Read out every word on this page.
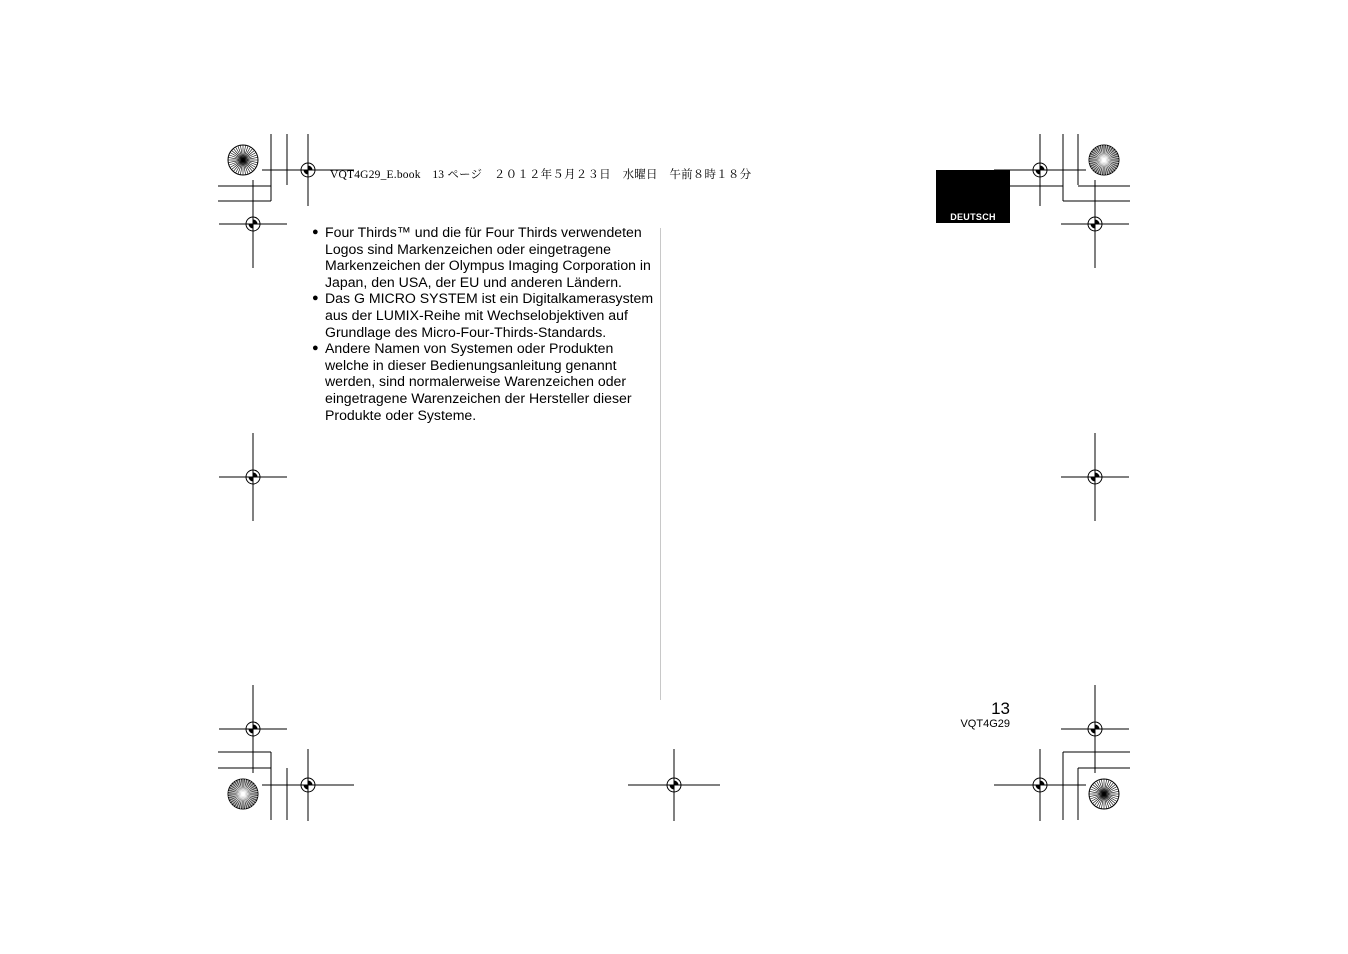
VQT4G29_E.book　13 ページ　２０１２年５月２３日　水曜日　午前８時１８分
DEUTSCH
● Four Thirds™ und die für Four Thirds verwendeten
Logos sind Markenzeichen oder eingetragene
Markenzeichen der Olympus Imaging Corporation in
Japan, den USA, der EU und anderen Ländern.
● Das G MICRO SYSTEM ist ein Digitalkamerasystem
aus der LUMIX-Reihe mit Wechselobjektiven auf
Grundlage des Micro-Four-Thirds-Standards.
● Andere Namen von Systemen oder Produkten
welche in dieser Bedienungsanleitung genannt
werden, sind normalerweise Warenzeichen oder
eingetragene Warenzeichen der Hersteller dieser
Produkte oder Systeme.
13
VQT4G29
